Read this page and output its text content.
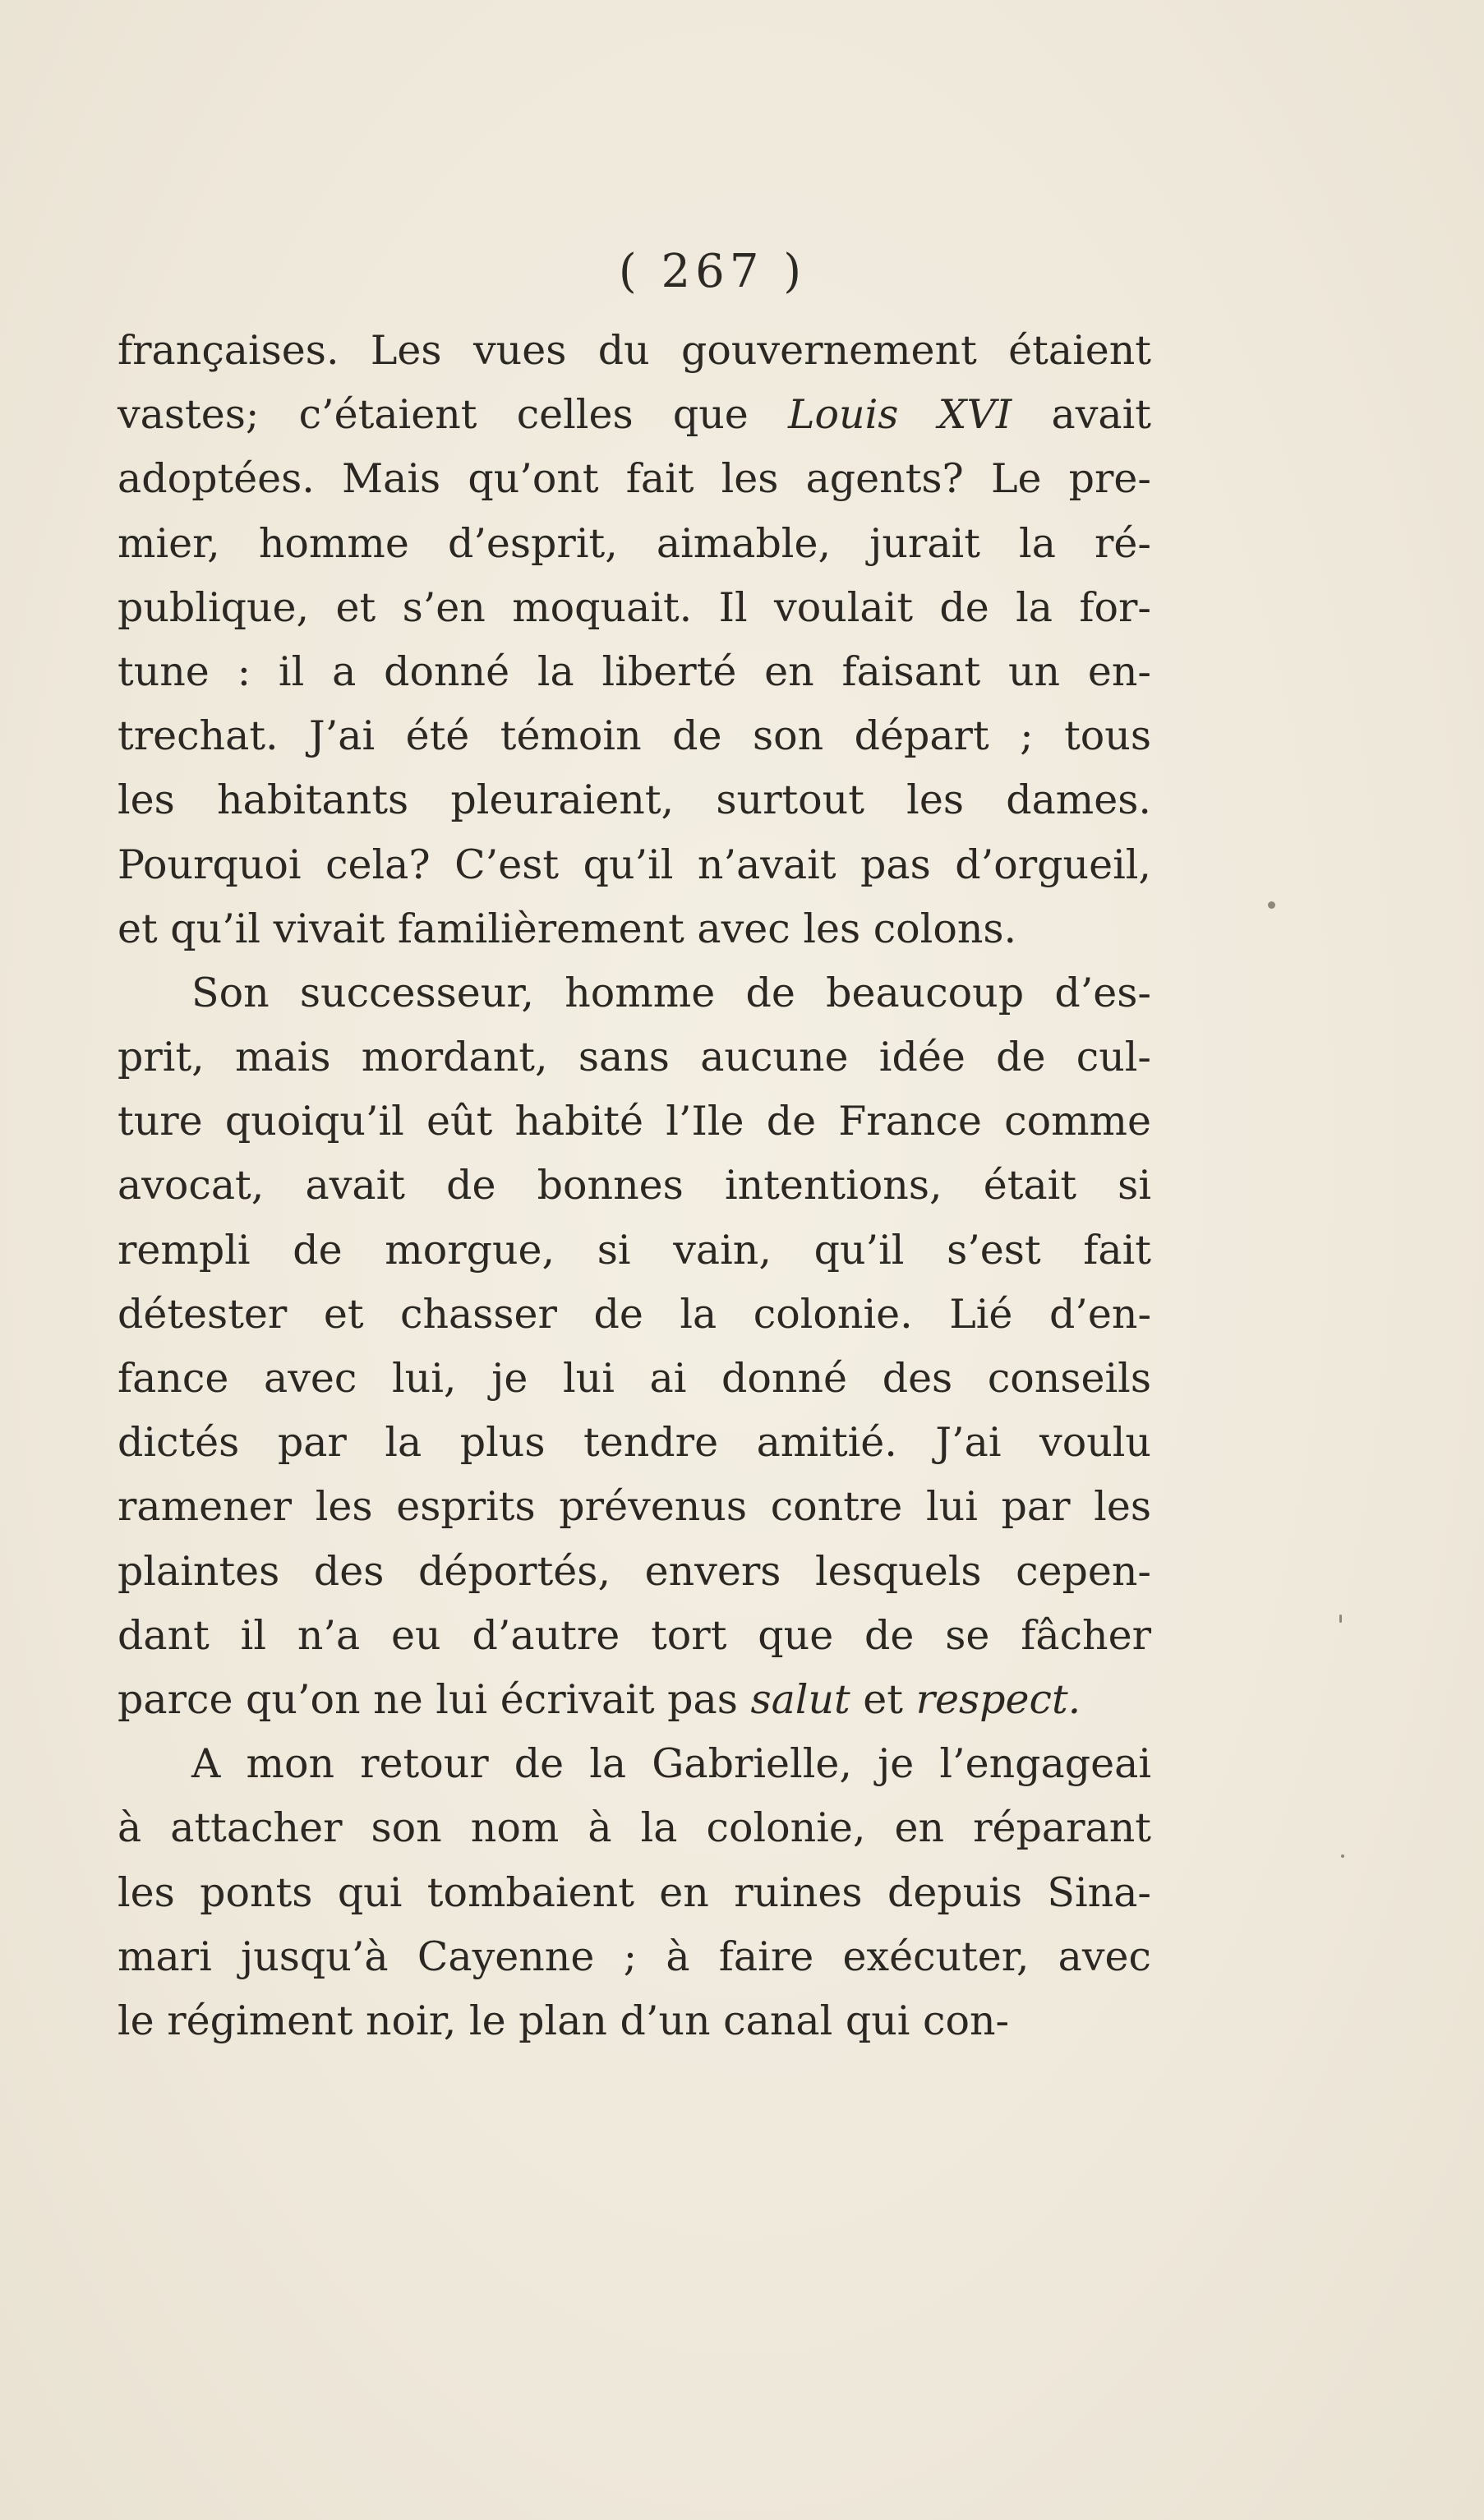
( 267 )
françaises. Les vues du gouvernement étaient
vastes; c’étaient celles que Louis XVI avait
adoptées. Mais qu’ont fait les agents? Le pre-
mier, homme d’esprit, aimable, jurait la ré-
publique, et s’en moquait. Il voulait de la for-
tune : il a donné la liberté en faisant un en-
trechat. J’ai été témoin de son départ ; tous
les habitants pleuraient, surtout les dames.
Pourquoi cela? C’est qu’il n’avait pas d’orgueil,
et qu’il vivait familièrement avec les colons.
Son successeur, homme de beaucoup d’es-
prit, mais mordant, sans aucune idée de cul-
ture quoiqu’il eût habité l’Ile de France comme
avocat, avait de bonnes intentions, était si
rempli de morgue, si vain, qu’il s’est fait
détester et chasser de la colonie. Lié d’en-
fance avec lui, je lui ai donné des conseils
dictés par la plus tendre amitié. J’ai voulu
ramener les esprits prévenus contre lui par les
plaintes des déportés, envers lesquels cepen-
dant il n’a eu d’autre tort que de se fâcher
parce qu’on ne lui écrivait pas salut et respect.
A mon retour de la Gabrielle, je l’engageai
à attacher son nom à la colonie, en réparant
les ponts qui tombaient en ruines depuis Sina-
mari jusqu’à Cayenne ; à faire exécuter, avec
le régiment noir, le plan d’un canal qui con-
